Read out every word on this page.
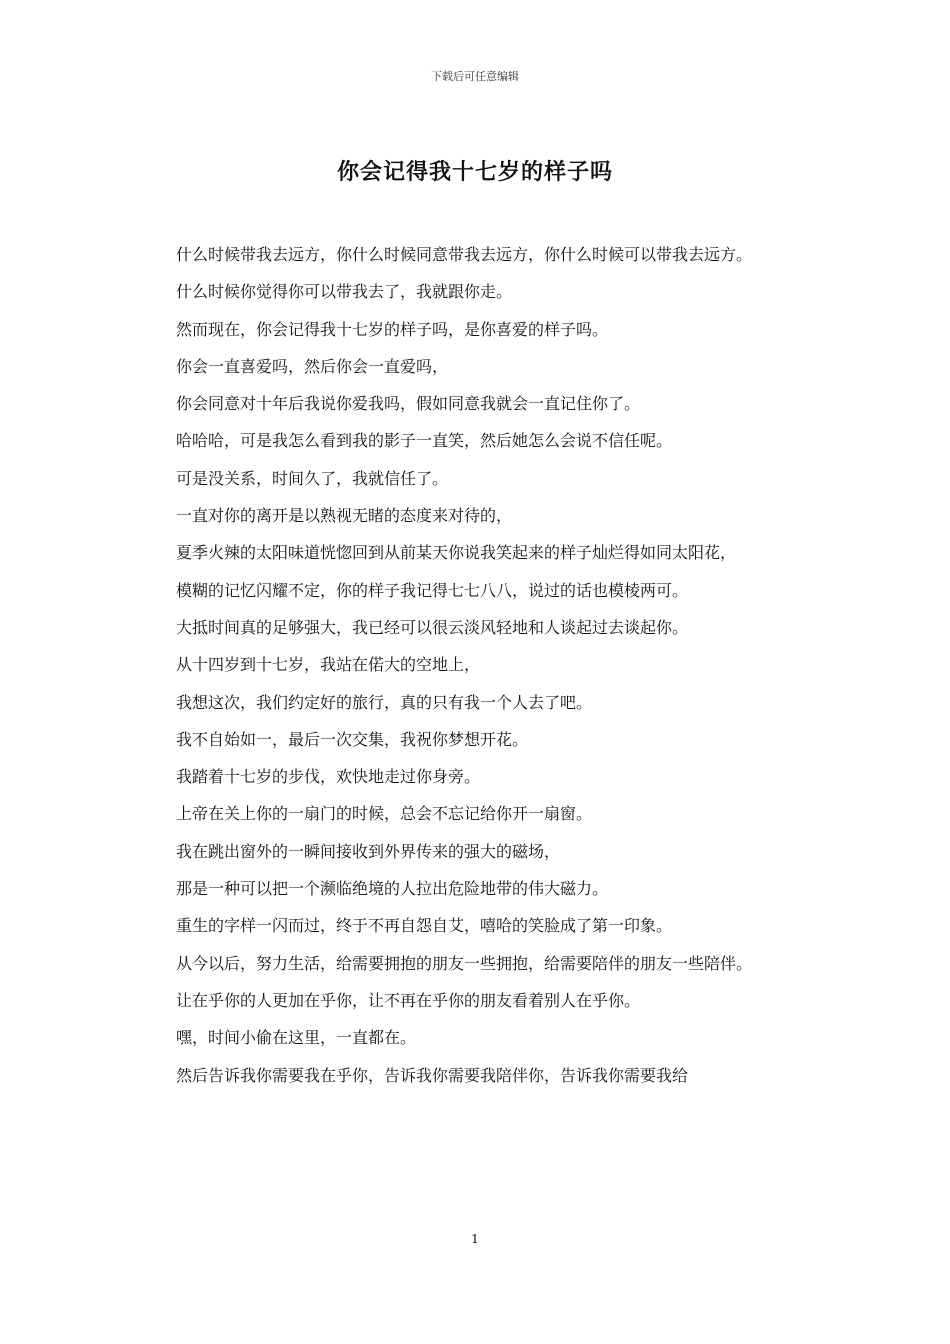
下载后可任意编辑
你会记得我十七岁的样子吗

什么时候带我去远方，你什么时候同意带我去远方，你什么时候可以带我去远方。

什么时候你觉得你可以带我去了，我就跟你走。

然而现在，你会记得我十七岁的样子吗，是你喜爱的样子吗。

你会一直喜爱吗，然后你会一直爱吗，

你会同意对十年后我说你爱我吗，假如同意我就会一直记住你了。

哈哈哈，可是我怎么看到我的影子一直笑，然后她怎么会说不信任呢。

可是没关系，时间久了，我就信任了。

一直对你的离开是以熟视无睹的态度来对待的，

夏季火辣的太阳味道恍惚回到从前某天你说我笑起来的样子灿烂得如同太阳花，

模糊的记忆闪耀不定，你的样子我记得七七八八，说过的话也模棱两可。

大抵时间真的足够强大，我已经可以很云淡风轻地和人谈起过去谈起你。

从十四岁到十七岁，我站在偌大的空地上，

我想这次，我们约定好的旅行，真的只有我一个人去了吧。

我不自始如一，最后一次交集，我祝你梦想开花。

我踏着十七岁的步伐，欢快地走过你身旁。

上帝在关上你的一扇门的时候，总会不忘记给你开一扇窗。

我在跳出窗外的一瞬间接收到外界传来的强大的磁场，

那是一种可以把一个濒临绝境的人拉出危险地带的伟大磁力。

重生的字样一闪而过，终于不再自怨自艾，嘻哈的笑脸成了第一印象。

从今以后，努力生活，给需要拥抱的朋友一些拥抱，给需要陪伴的朋友一些陪伴。

让在乎你的人更加在乎你，让不再在乎你的朋友看着别人在乎你。

嘿，时间小偷在这里，一直都在。

然后告诉我你需要我在乎你，告诉我你需要我陪伴你，告诉我你需要我给

1
